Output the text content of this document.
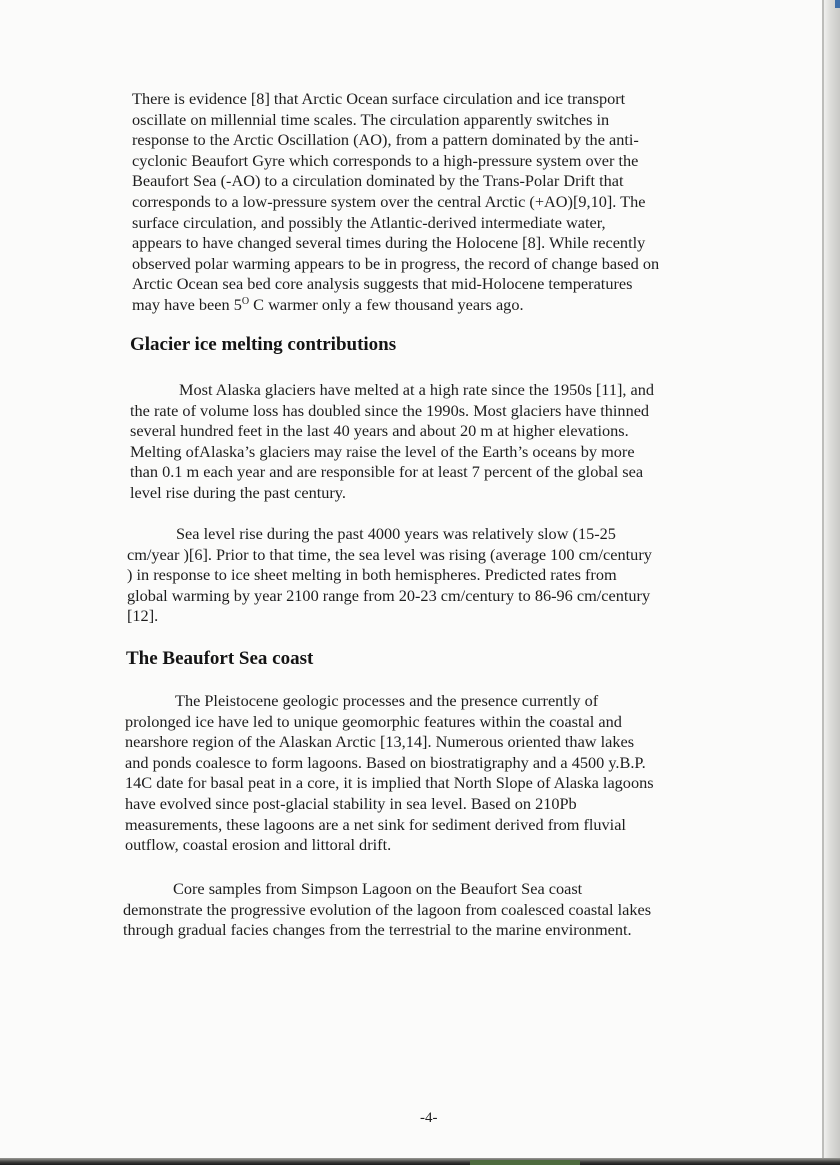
There is evidence [8] that Arctic Ocean surface circulation and ice transport
oscillate on millennial time scales. The circulation apparently switches in
response to the Arctic Oscillation (AO), from a pattern dominated by the anti-
cyclonic Beaufort Gyre which corresponds to a high-pressure system over the
Beaufort Sea (-AO) to a circulation dominated by the Trans-Polar Drift that
corresponds to a low-pressure system over the central Arctic (+AO)[9,10]. The
surface circulation, and possibly the Atlantic-derived intermediate water,
appears to have changed several times during the Holocene [8]. While recently
observed polar warming appears to be in progress, the record of change based on
Arctic Ocean sea bed core analysis suggests that mid-Holocene temperatures
may have been $5^O$ C warmer only a few thousand years ago.
Glacier ice melting contributions
Most Alaska glaciers have melted at a high rate since the 1950s [11], and
the rate of volume loss has doubled since the 1990s. Most glaciers have thinned
several hundred feet in the last 40 years and about 20 m at higher elevations.
Melting ofAlaska’s glaciers may raise the level of the Earth’s oceans by more
than 0.1 m each year and are responsible for at least 7 percent of the global sea
level rise during the past century.
Sea level rise during the past 4000 years was relatively slow (15-25
cm/year )[6]. Prior to that time, the sea level was rising (average 100 cm/century
) in response to ice sheet melting in both hemispheres. Predicted rates from
global warming by year 2100 range from 20-23 cm/century to 86-96 cm/century
[12].
The Beaufort Sea coast
The Pleistocene geologic processes and the presence currently of
prolonged ice have led to unique geomorphic features within the coastal and
nearshore region of the Alaskan Arctic [13,14]. Numerous oriented thaw lakes
and ponds coalesce to form lagoons. Based on biostratigraphy and a 4500 y.B.P.
14C date for basal peat in a core, it is implied that North Slope of Alaska lagoons
have evolved since post-glacial stability in sea level. Based on 210Pb
measurements, these lagoons are a net sink for sediment derived from fluvial
outflow, coastal erosion and littoral drift.
Core samples from Simpson Lagoon on the Beaufort Sea coast
demonstrate the progressive evolution of the lagoon from coalesced coastal lakes
through gradual facies changes from the terrestrial to the marine environment.
-4-
